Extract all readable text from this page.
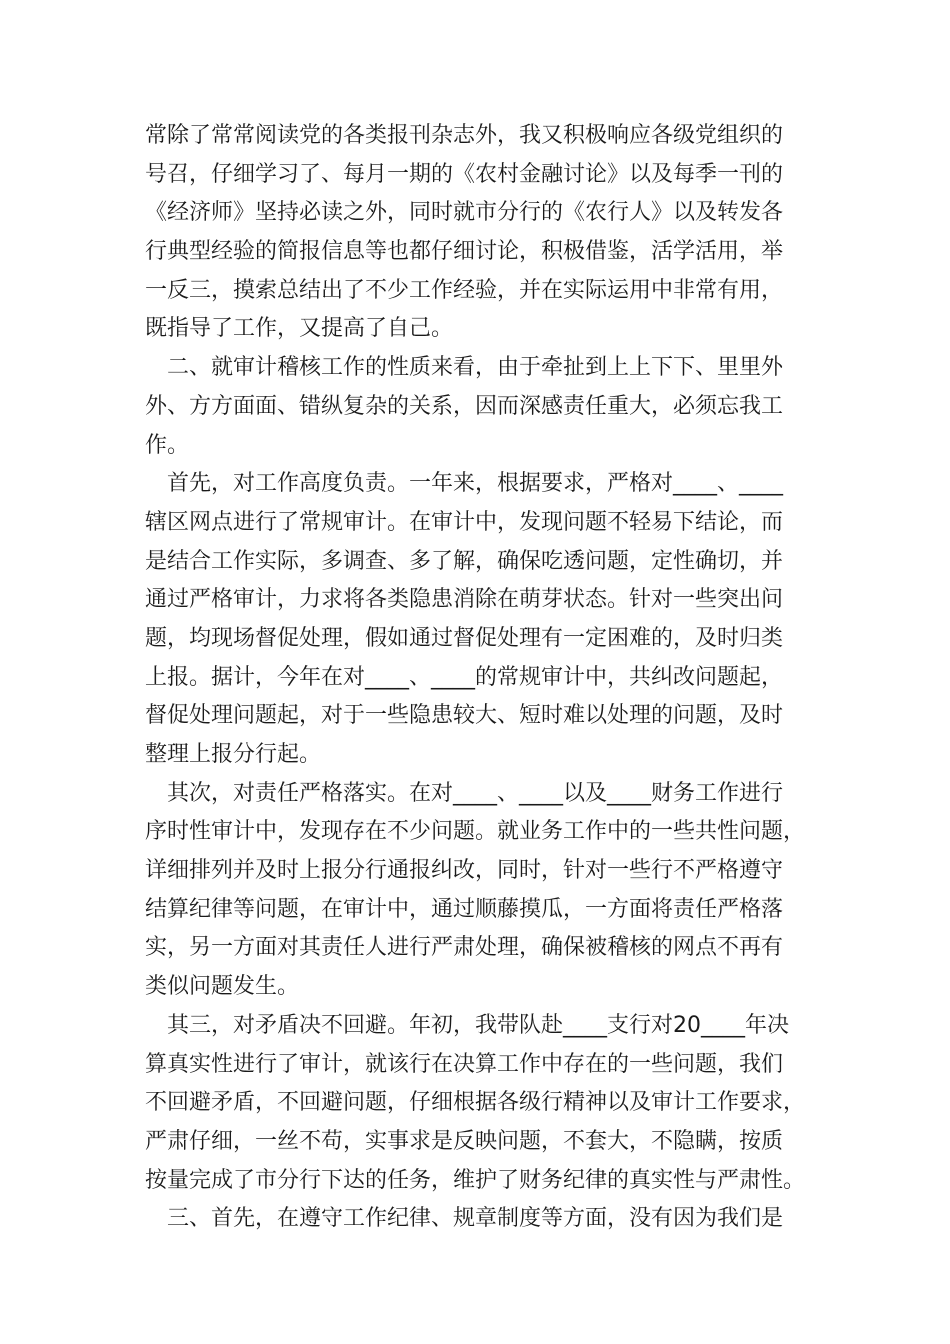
常除了常常阅读党的各类报刊杂志外，我又积极响应各级党组织的
号召，仔细学习了、每月一期的《农村金融讨论》以及每季一刊的
《经济师》坚持必读之外，同时就市分行的《农行人》以及转发各
行典型经验的简报信息等也都仔细讨论，积极借鉴，活学活用，举
一反三，摸索总结出了不少工作经验，并在实际运用中非常有用，
既指导了工作，又提高了自己。
二、就审计稽核工作的性质来看，由于牵扯到上上下下、里里外
外、方方面面、错纵复杂的关系，因而深感责任重大，必须忘我工
作。
首先，对工作高度负责。一年来，根据要求，严格对____、____
辖区网点进行了常规审计。在审计中，发现问题不轻易下结论，而
是结合工作实际，多调查、多了解，确保吃透问题，定性确切，并
通过严格审计，力求将各类隐患消除在萌芽状态。针对一些突出问
题，均现场督促处理，假如通过督促处理有一定困难的，及时归类
上报。据计，今年在对____、____的常规审计中，共纠改问题起，
督促处理问题起，对于一些隐患较大、短时难以处理的问题，及时
整理上报分行起。
其次，对责任严格落实。在对____、____以及____财务工作进行
序时性审计中，发现存在不少问题。就业务工作中的一些共性问题，
详细排列并及时上报分行通报纠改，同时，针对一些行不严格遵守
结算纪律等问题，在审计中，通过顺藤摸瓜，一方面将责任严格落
实，另一方面对其责任人进行严肃处理，确保被稽核的网点不再有
类似问题发生。
其三，对矛盾决不回避。年初，我带队赴____支行对20____年决
算真实性进行了审计，就该行在决算工作中存在的一些问题，我们
不回避矛盾，不回避问题，仔细根据各级行精神以及审计工作要求，
严肃仔细，一丝不苟，实事求是反映问题，不套大，不隐瞒，按质
按量完成了市分行下达的任务，维护了财务纪律的真实性与严肃性。
三、首先，在遵守工作纪律、规章制度等方面，没有因为我们是
